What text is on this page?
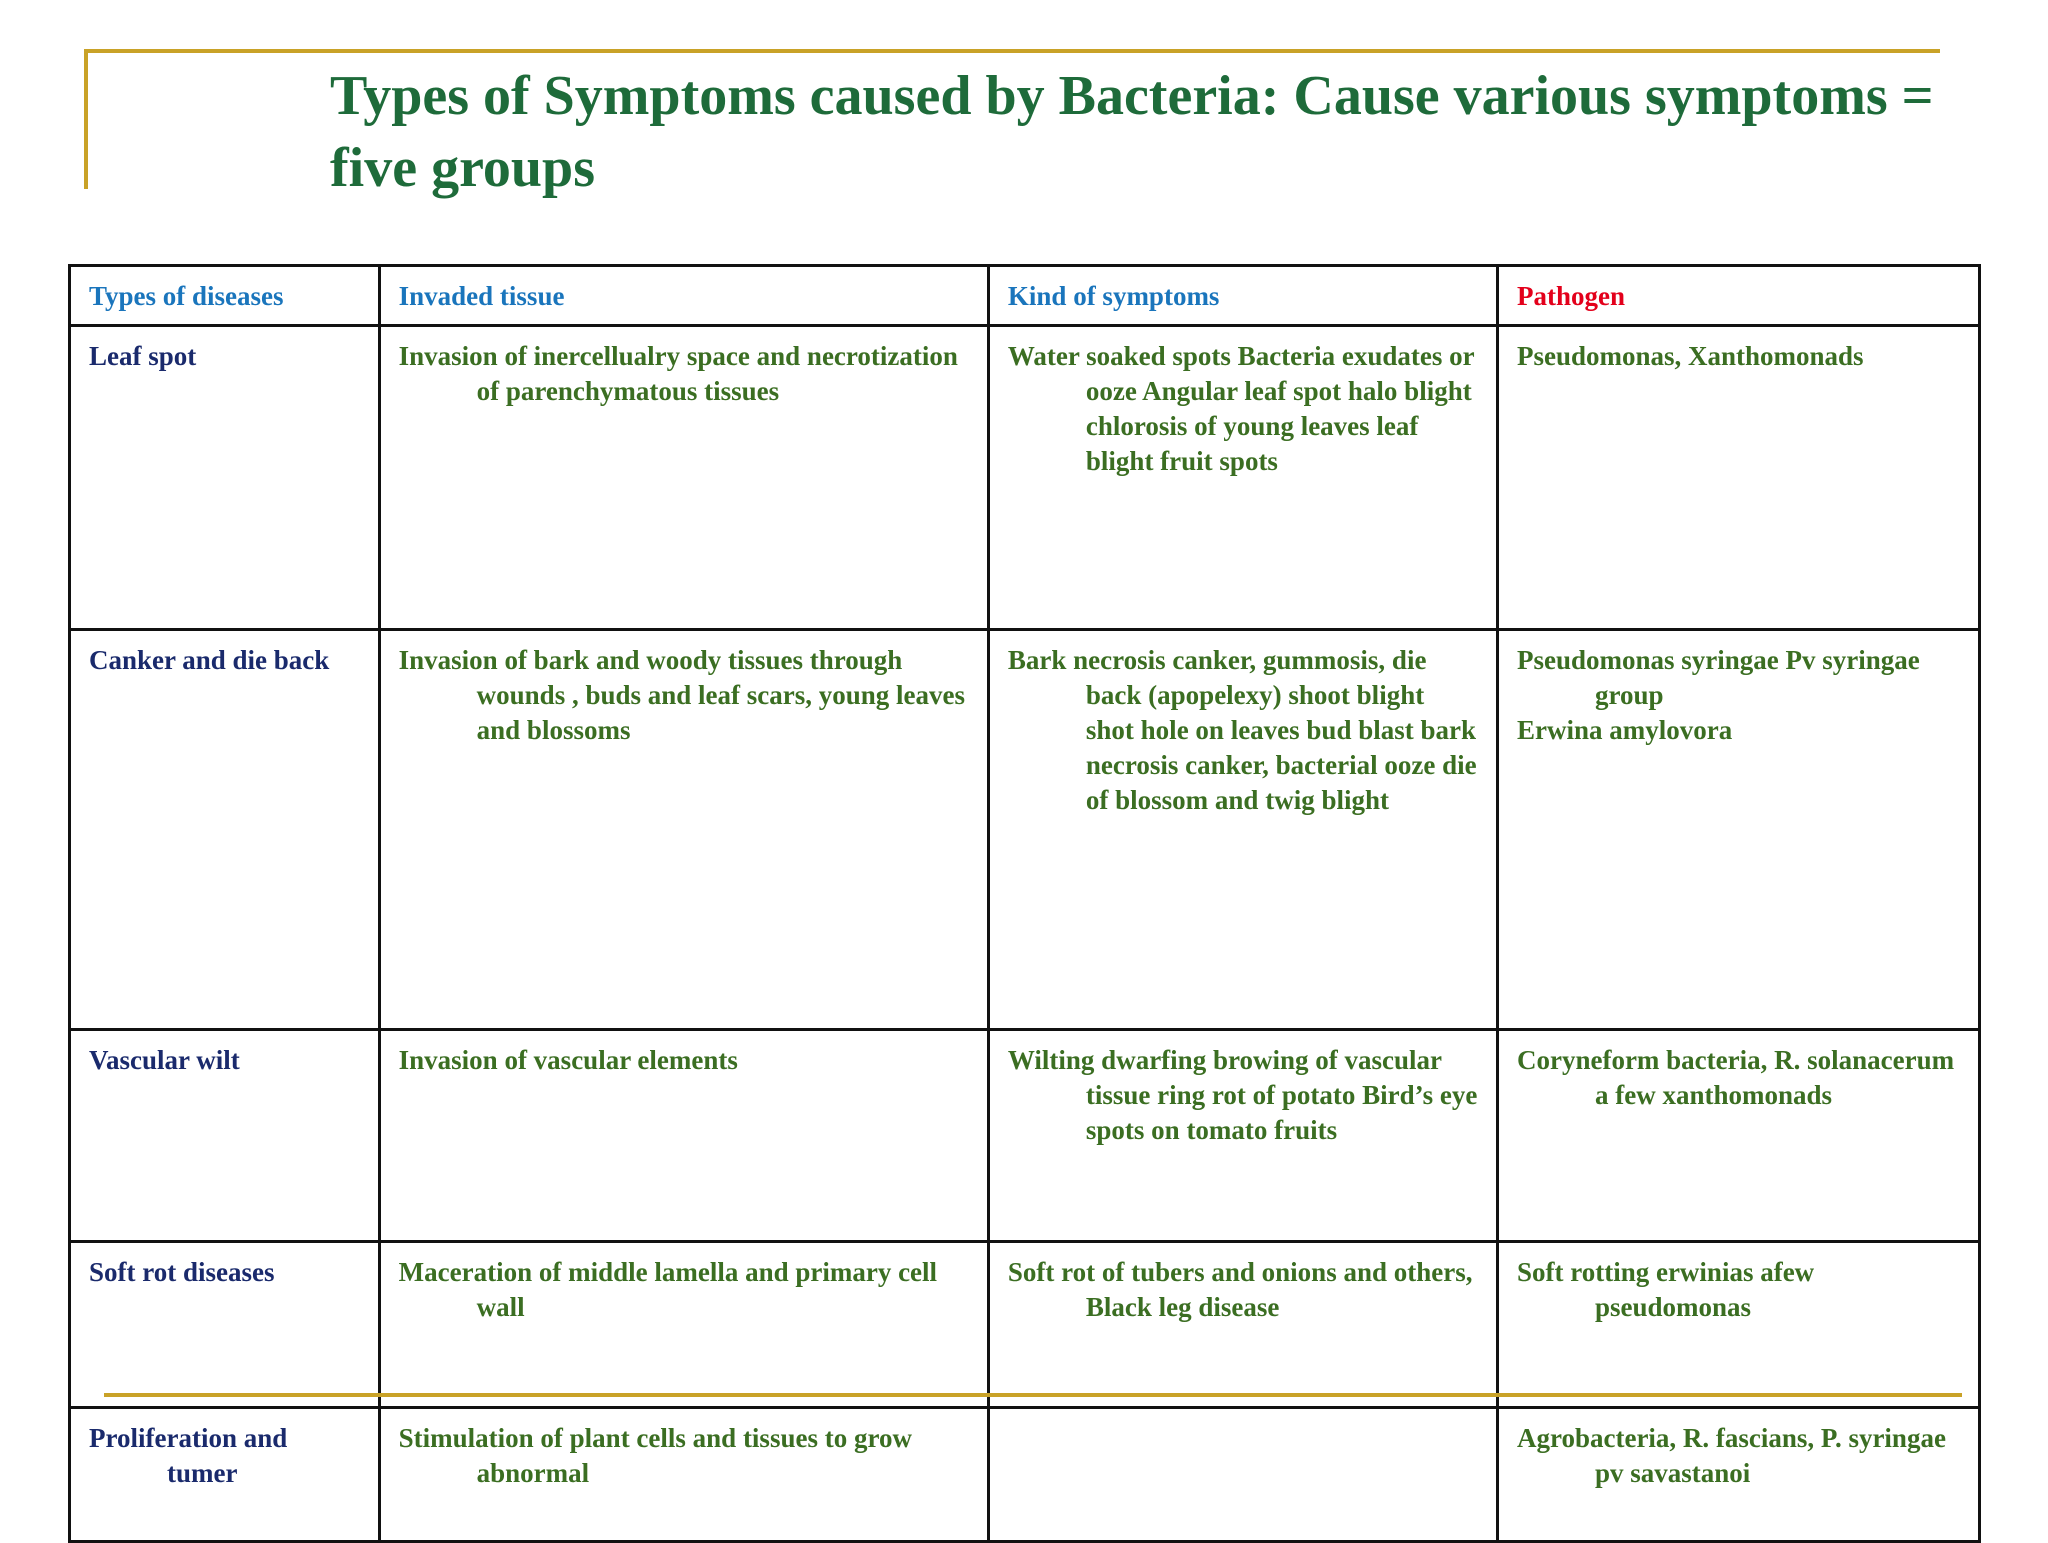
Types of Symptoms caused by Bacteria: Cause various symptoms = five groups
Types of diseases	Invaded tissue	Kind of symptoms	Pathogen

Leaf spot	Invasion of inercellualry space and necrotization of parenchymatous tissues	Water soaked spots Bacteria exudates or ooze Angular leaf spot halo blight chlorosis of young leaves leaf blight fruit spots	Pseudomonas, Xanthomonads

Canker and die back	Invasion of bark and woody tissues through wounds , buds and leaf scars, young leaves and blossoms	Bark necrosis canker, gummosis, die back (apopelexy) shoot blight shot hole on leaves bud blast bark necrosis canker, bacterial ooze die of blossom and twig blight	Pseudomonas syringae Pv syringae group
Erwina amylovora

Vascular wilt	Invasion of vascular elements	Wilting dwarfing browing of vascular tissue ring rot of potato Bird’s eye spots on tomato fruits	Coryneform bacteria, R. solanacerum a few xanthomonads

Soft rot diseases	Maceration of middle lamella and primary cell wall	Soft rot of tubers and onions and others, Black leg disease	Soft rotting erwinias afew pseudomonas

Proliferation and tumer	Stimulation of plant cells and tissues to grow abnormal		Agrobacteria, R. fascians, P. syringae pv savastanoi
